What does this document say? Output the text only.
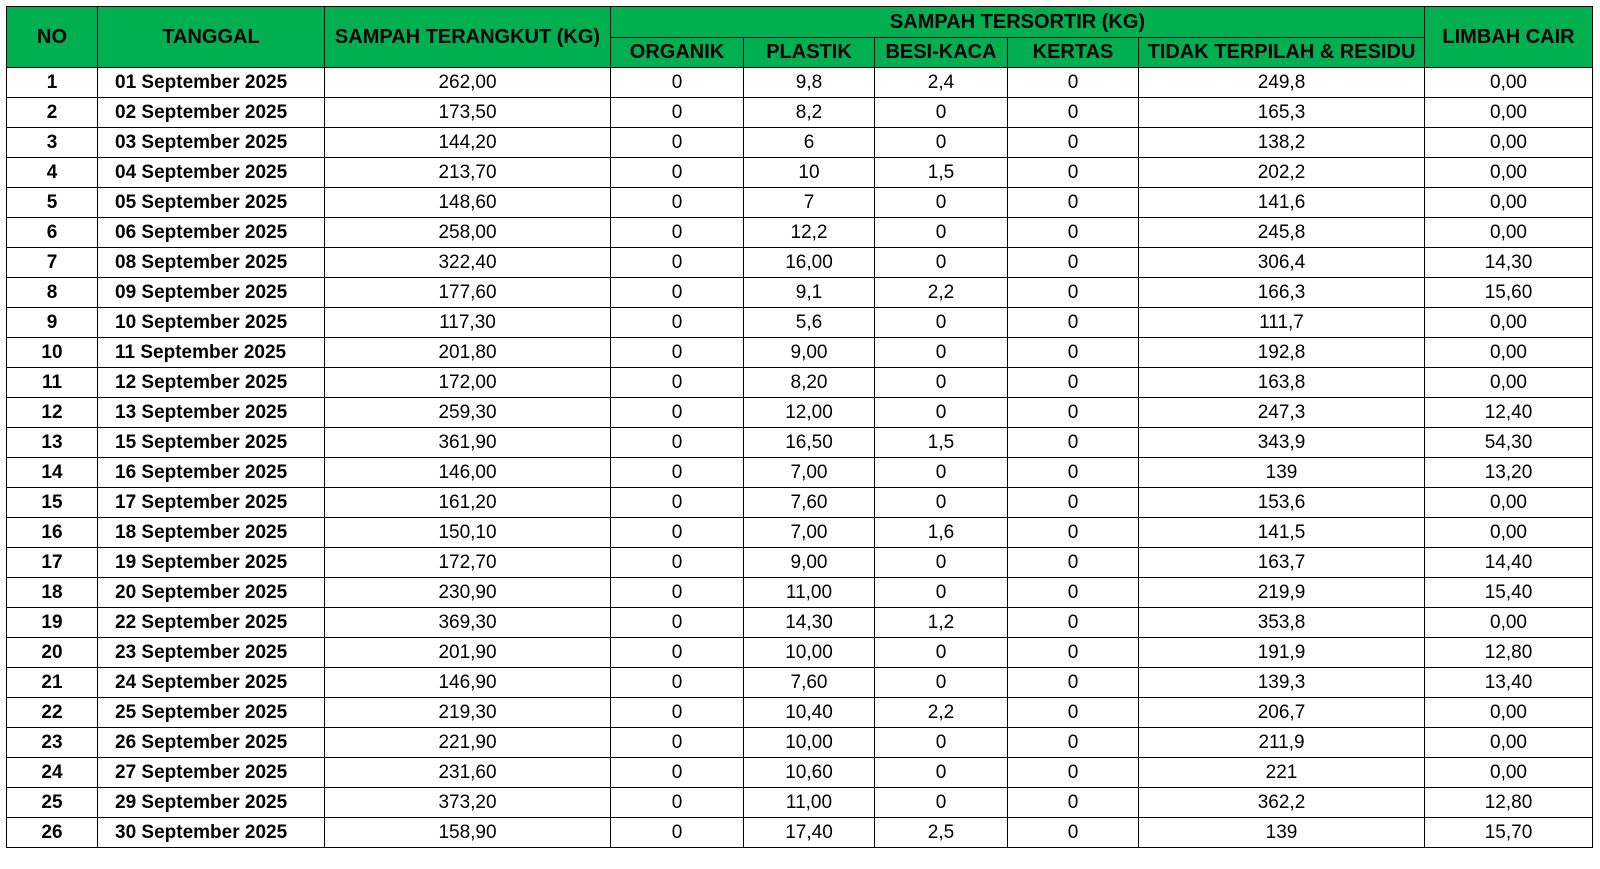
NO	TANGGAL	SAMPAH TERANGKUT (KG)	SAMPAH TERSORTIR (KG)					LIMBAH CAIR
			ORGANIK	PLASTIK	BESI-KACA	KERTAS	TIDAK TERPILAH & RESIDU	
1	01 September 2025	262,00	0	9,8	2,4	0	249,8	0,00
2	02 September 2025	173,50	0	8,2	0	0	165,3	0,00
3	03 September 2025	144,20	0	6	0	0	138,2	0,00
4	04 September 2025	213,70	0	10	1,5	0	202,2	0,00
5	05 September 2025	148,60	0	7	0	0	141,6	0,00
6	06 September 2025	258,00	0	12,2	0	0	245,8	0,00
7	08 September 2025	322,40	0	16,00	0	0	306,4	14,30
8	09 September 2025	177,60	0	9,1	2,2	0	166,3	15,60
9	10 September 2025	117,30	0	5,6	0	0	111,7	0,00
10	11 September 2025	201,80	0	9,00	0	0	192,8	0,00
11	12 September 2025	172,00	0	8,20	0	0	163,8	0,00
12	13 September 2025	259,30	0	12,00	0	0	247,3	12,40
13	15 September 2025	361,90	0	16,50	1,5	0	343,9	54,30
14	16 September 2025	146,00	0	7,00	0	0	139	13,20
15	17 September 2025	161,20	0	7,60	0	0	153,6	0,00
16	18 September 2025	150,10	0	7,00	1,6	0	141,5	0,00
17	19 September 2025	172,70	0	9,00	0	0	163,7	14,40
18	20 September 2025	230,90	0	11,00	0	0	219,9	15,40
19	22 September 2025	369,30	0	14,30	1,2	0	353,8	0,00
20	23 September 2025	201,90	0	10,00	0	0	191,9	12,80
21	24 September 2025	146,90	0	7,60	0	0	139,3	13,40
22	25 September 2025	219,30	0	10,40	2,2	0	206,7	0,00
23	26 September 2025	221,90	0	10,00	0	0	211,9	0,00
24	27 September 2025	231,60	0	10,60	0	0	221	0,00
25	29 September 2025	373,20	0	11,00	0	0	362,2	12,80
26	30 September 2025	158,90	0	17,40	2,5	0	139	15,70
